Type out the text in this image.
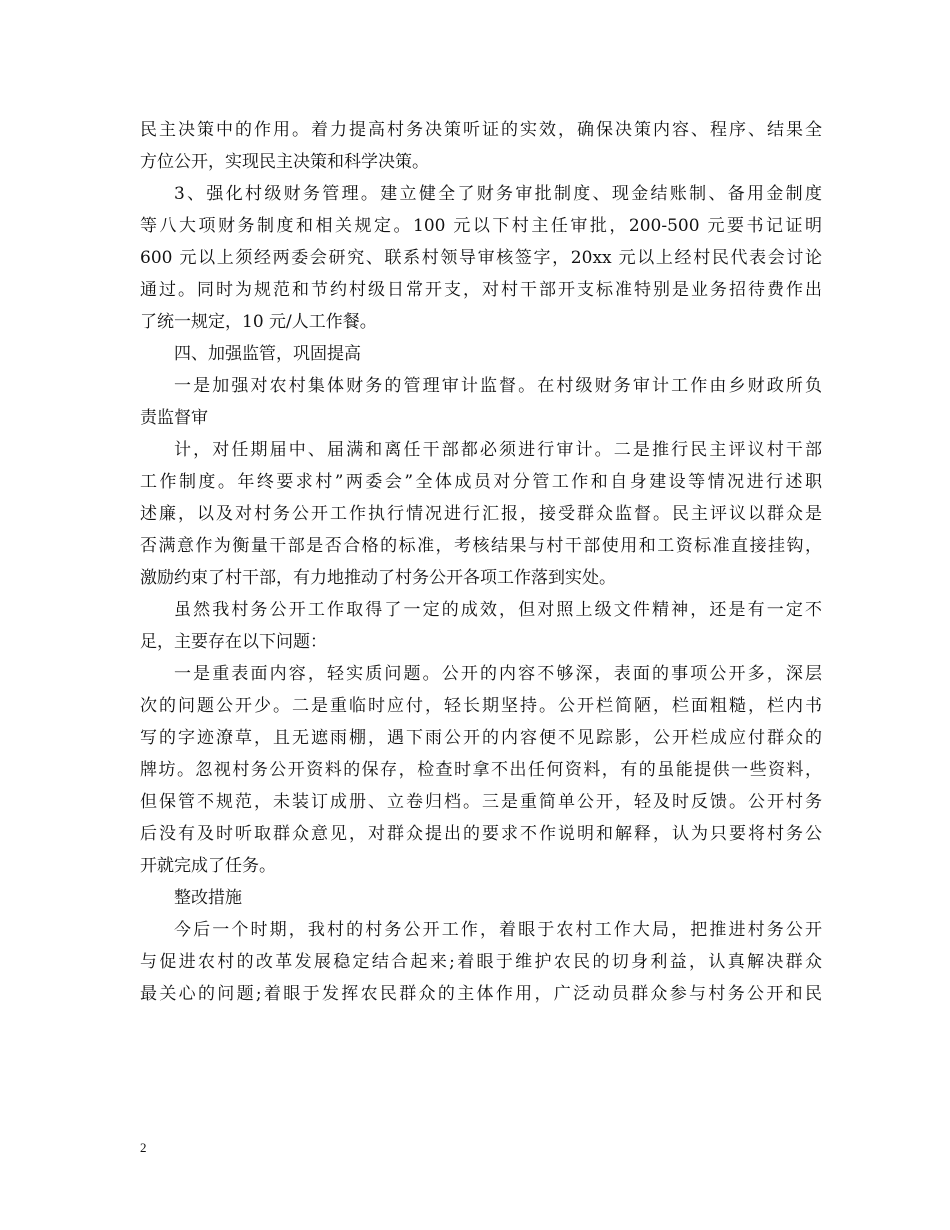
民主决策中的作用。着力提高村务决策听证的实效，确保决策内容、程序、结果全
方位公开，实现民主决策和科学决策。
3、强化村级财务管理。建立健全了财务审批制度、现金结账制、备用金制度
等八大项财务制度和相关规定。100 元以下村主任审批，200-500 元要书记证明
600 元以上须经两委会研究、联系村领导审核签字，20xx 元以上经村民代表会讨论
通过。同时为规范和节约村级日常开支，对村干部开支标准特别是业务招待费作出
了统一规定，10 元/人工作餐。
四、加强监管，巩固提高
一是加强对农村集体财务的管理审计监督。在村级财务审计工作由乡财政所负
责监督审
计，对任期届中、届满和离任干部都必须进行审计。二是推行民主评议村干部
工作制度。年终要求村”两委会”全体成员对分管工作和自身建设等情况进行述职
述廉，以及对村务公开工作执行情况进行汇报，接受群众监督。民主评议以群众是
否满意作为衡量干部是否合格的标准，考核结果与村干部使用和工资标准直接挂钩，
激励约束了村干部，有力地推动了村务公开各项工作落到实处。
虽然我村务公开工作取得了一定的成效，但对照上级文件精神，还是有一定不
足，主要存在以下问题：
一是重表面内容，轻实质问题。公开的内容不够深，表面的事项公开多，深层
次的问题公开少。二是重临时应付，轻长期坚持。公开栏简陋，栏面粗糙，栏内书
写的字迹潦草，且无遮雨棚，遇下雨公开的内容便不见踪影，公开栏成应付群众的
牌坊。忽视村务公开资料的保存，检查时拿不出任何资料，有的虽能提供一些资料，
但保管不规范，未装订成册、立卷归档。三是重简单公开，轻及时反馈。公开村务
后没有及时听取群众意见，对群众提出的要求不作说明和解释，认为只要将村务公
开就完成了任务。
整改措施
今后一个时期，我村的村务公开工作，着眼于农村工作大局，把推进村务公开
与促进农村的改革发展稳定结合起来;着眼于维护农民的切身利益，认真解决群众
最关心的问题;着眼于发挥农民群众的主体作用，广泛动员群众参与村务公开和民
2
